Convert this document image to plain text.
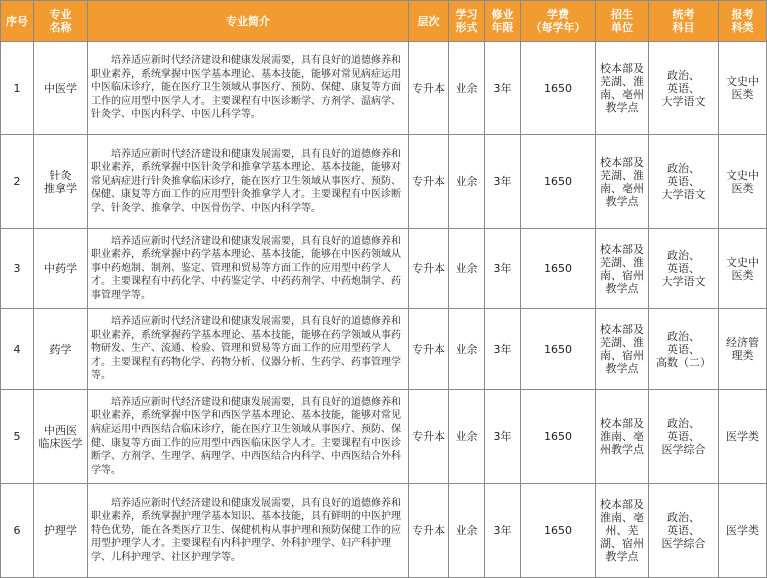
序号	专业
名称	专业简介	层次	学习
形式	修业
年限	学费
（每学年）	招生
单位	统考
科目	报考
科类
1	中医学	　　培养适应新时代经济建设和健康发展需要，具有良好的道德修养和职业素养，系统掌握中医学基本理论、基本技能，能够对常见病症运用中医临床诊疗，能在医疗卫生领域从事医疗、预防、保健、康复等方面工作的应用型中医学人才。主要课程有中医诊断学、方剂学、温病学、针灸学、中医内科学、中医儿科学等。	专升本	业余	3年	1650	校本部及芜湖、淮南、亳州教学点	政治、
英语、
大学语文	文史中医类
2	针灸
推拿学	　　培养适应新时代经济建设和健康发展需要，具有良好的道德修养和职业素养，系统掌握中医针灸学和推拿学基本理论、基本技能，能够对常见病症进行针灸推拿临床诊疗，能在医疗卫生领域从事医疗、预防、保健、康复等方面工作的应用型针灸推拿学人才。主要课程有中医诊断学、针灸学、推拿学、中医骨伤学、中医内科学等。	专升本	业余	3年	1650	校本部及芜湖、淮南、亳州教学点	政治、
英语、
大学语文	文史中医类
3	中药学	　　培养适应新时代经济建设和健康发展需要，具有良好的道德修养和职业素养，系统掌握中药学基本理论、基本技能，能够在中医药领域从事中药炮制、制剂、鉴定、管理和贸易等方面工作的应用型中药学人才。主要课程有中药化学、中药鉴定学、中药药剂学、中药炮制学、药事管理学等。	专升本	业余	3年	1650	校本部及芜湖、淮南、宿州教学点	政治、
英语、
大学语文	文史中医类
4	药学	　　培养适应新时代经济建设和健康发展需要，具有良好的道德修养和职业素养，系统掌握药学基本理论、基本技能，能够在药学领域从事药物研发、生产、流通、检验、管理和贸易等方面工作的应用型药学人才。主要课程有药物化学、药物分析、仪器分析、生药学、药事管理学等。	专升本	业余	3年	1650	校本部及芜湖、淮南、宿州教学点	政治、
英语、
高数（二）	经济管理类
5	中西医
临床医学	　　培养适应新时代经济建设和健康发展需要，具有良好的道德修养和职业素养，系统掌握中医学和西医学基本理论、基本技能，能够对常见病症运用中西医结合临床诊疗，能在医疗卫生领域从事医疗、预防、保健、康复等方面工作的应用型中西医临床医学人才。主要课程有中医诊断学、方剂学、生理学、病理学、中西医结合内科学、中西医结合外科学等。	专升本	业余	3年	1650	校本部及淮南、亳州教学点	政治、
英语、
医学综合	医学类
6	护理学	　　培养适应新时代经济建设和健康发展需要，具有良好的道德修养和职业素养，系统掌握护理学基本知识、基本技能，具有鲜明的中医护理特色优势，能在各类医疗卫生、保健机构从事护理和预防保健工作的应用型护理学人才。主要课程有内科护理学、外科护理学、妇产科护理学、儿科护理学、社区护理学等。	专升本	业余	3年	1650	校本部及淮南、亳州、芜湖、宿州教学点	政治、
英语、
医学综合	医学类
